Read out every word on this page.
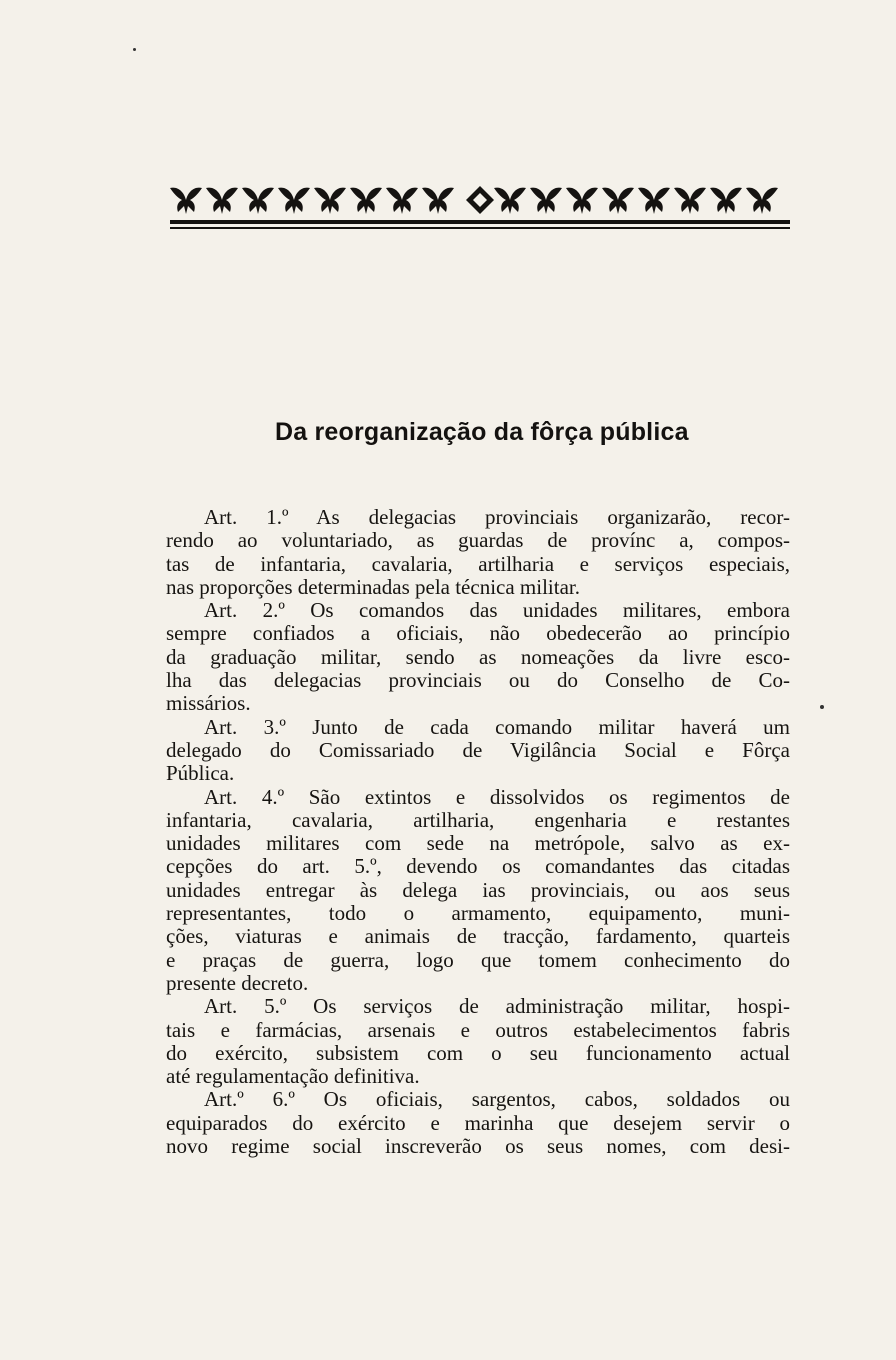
Da reorganização da fôrça pública
Art. 1.º As delegacias provinciais organizarão, recor-
rendo ao voluntariado, as guardas de provínc a, compos-
tas de infantaria, cavalaria, artilharia e serviços especiais,
nas proporções determinadas pela técnica militar.
Art. 2.º Os comandos das unidades militares, embora
sempre confiados a oficiais, não obedecerão ao princípio
da graduação militar, sendo as nomeações da livre esco-
lha das delegacias provinciais ou do Conselho de Co-
missários.
Art. 3.º Junto de cada comando militar haverá um
delegado do Comissariado de Vigilância Social e Fôrça
Pública.
Art. 4.º São extintos e dissolvidos os regimentos de
infantaria, cavalaria, artilharia, engenharia e restantes
unidades militares com sede na metrópole, salvo as ex-
cepções do art. 5.º, devendo os comandantes das citadas
unidades entregar às delega ias provinciais, ou aos seus
representantes, todo o armamento, equipamento, muni-
ções, viaturas e animais de tracção, fardamento, quarteis
e praças de guerra, logo que tomem conhecimento do
presente decreto.
Art. 5.º Os serviços de administração militar, hospi-
tais e farmácias, arsenais e outros estabelecimentos fabris
do exército, subsistem com o seu funcionamento actual
até regulamentação definitiva.
Art.º 6.º Os oficiais, sargentos, cabos, soldados ou
equiparados do exército e marinha que desejem servir o
novo regime social inscreverão os seus nomes, com desi-
